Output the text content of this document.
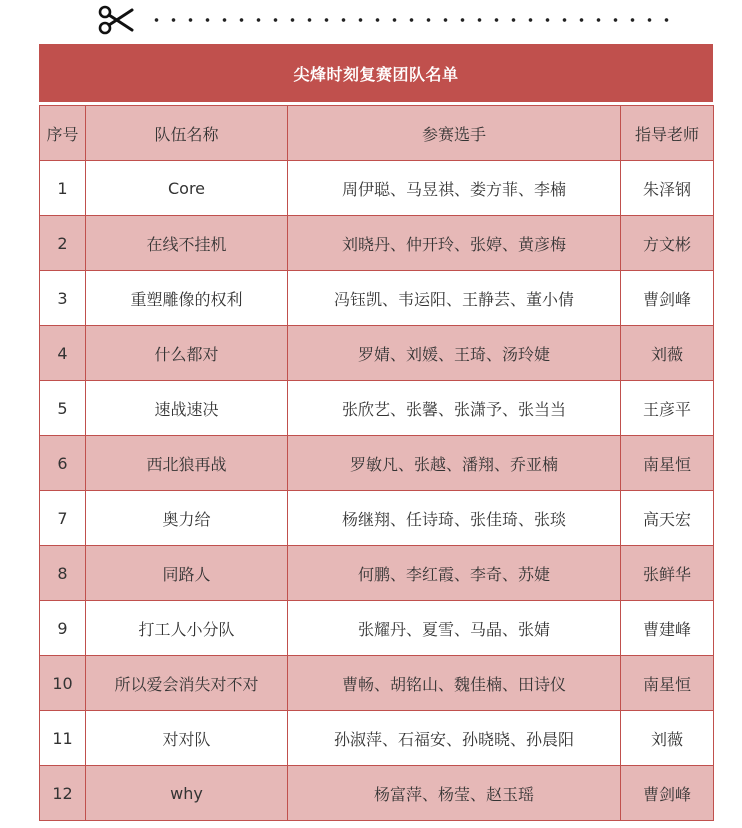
尖烽时刻复赛团队名单
序号	队伍名称	参赛选手	指导老师
1	Core	周伊聪、马昱祺、娄方菲、李楠	朱泽钢
2	在线不挂机	刘晓丹、仲开玲、张婷、黄彦梅	方文彬
3	重塑雕像的权利	冯钰凯、韦运阳、王静芸、董小倩	曹剑峰
4	什么都对	罗婧、刘媛、王琦、汤玲婕	刘薇
5	速战速决	张欣艺、张馨、张潇予、张当当	王彦平
6	西北狼再战	罗敏凡、张越、潘翔、乔亚楠	南星恒
7	奥力给	杨继翔、任诗琦、张佳琦、张琰	高天宏
8	同路人	何鹏、李红霞、李奇、苏婕	张鲜华
9	打工人小分队	张耀丹、夏雪、马晶、张婧	曹建峰
10	所以爱会消失对不对	曹畅、胡铭山、魏佳楠、田诗仪	南星恒
11	对对队	孙淑萍、石福安、孙晓晓、孙晨阳	刘薇
12	why	杨富萍、杨莹、赵玉瑶	曹剑峰
